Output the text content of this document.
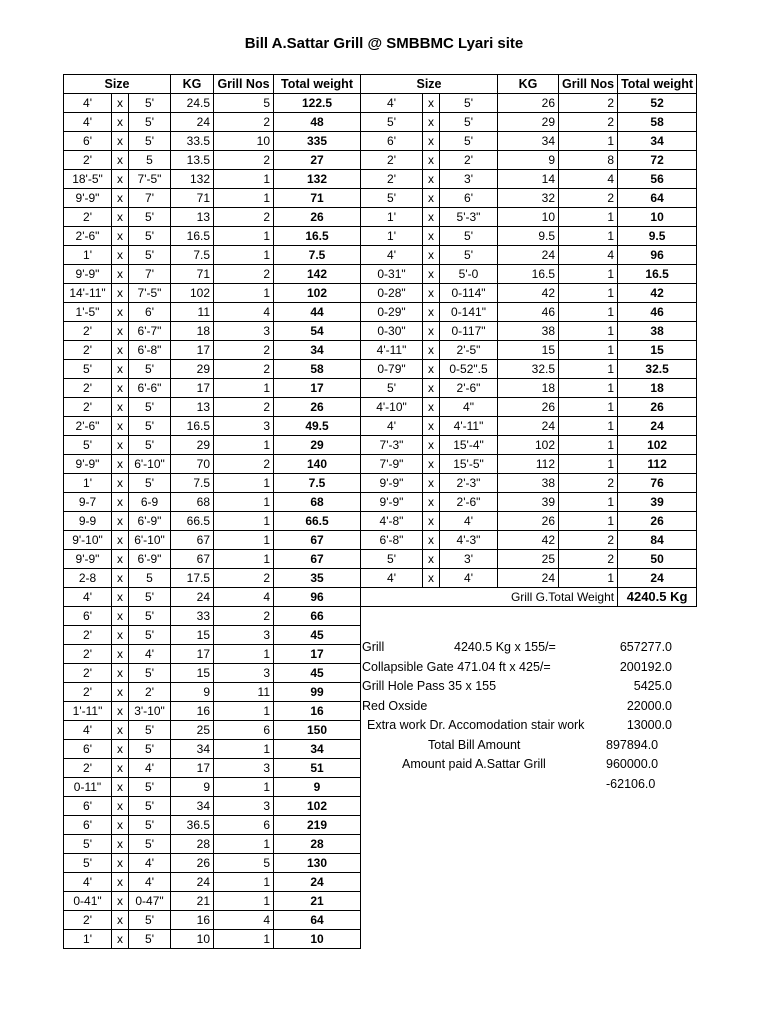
Bill A.Sattar Grill @ SMBBMC Lyari site
Size			KG	Grill Nos	Total weight
4'	x	5'	24.5	5	122.5
4'	x	5'	24	2	48
6'	x	5'	33.5	10	335
2'	x	5	13.5	2	27
18'-5"	x	7'-5"	132	1	132
9'-9"	x	7'	71	1	71
2'	x	5'	13	2	26
2'-6"	x	5'	16.5	1	16.5
1'	x	5'	7.5	1	7.5
9'-9"	x	7'	71	2	142
14'-11"	x	7'-5"	102	1	102
1'-5"	x	6'	11	4	44
2'	x	6'-7"	18	3	54
2'	x	6'-8"	17	2	34
5'	x	5'	29	2	58
2'	x	6'-6"	17	1	17
2'	x	5'	13	2	26
2'-6"	x	5'	16.5	3	49.5
5'	x	5'	29	1	29
9'-9"	x	6'-10"	70	2	140
1'	x	5'	7.5	1	7.5
9-7	x	6-9	68	1	68
9-9	x	6'-9"	66.5	1	66.5
9'-10"	x	6'-10"	67	1	67
9'-9"	x	6'-9"	67	1	67
2-8	x	5	17.5	2	35
4'	x	5'	24	4	96
6'	x	5'	33	2	66
2'	x	5'	15	3	45
2'	x	4'	17	1	17
2'	x	5'	15	3	45
2'	x	2'	9	11	99
1'-11"	x	3'-10"	16	1	16
4'	x	5'	25	6	150
6'	x	5'	34	1	34
2'	x	4'	17	3	51
0-11"	x	5'	9	1	9
6'	x	5'	34	3	102
6'	x	5'	36.5	6	219
5'	x	5'	28	1	28
5'	x	4'	26	5	130
4'	x	4'	24	1	24
0-41"	x	0-47"	21	1	21
2'	x	5'	16	4	64
1'	x	5'	10	1	10
Size			KG	Grill Nos	Total weight
4'	x	5'	26	2	52
5'	x	5'	29	2	58
6'	x	5'	34	1	34
2'	x	2'	9	8	72
2'	x	3'	14	4	56
5'	x	6'	32	2	64
1'	x	5'-3"	10	1	10
1'	x	5'	9.5	1	9.5
4'	x	5'	24	4	96
0-31"	x	5'-0	16.5	1	16.5
0-28"	x	0-114"	42	1	42
0-29"	x	0-141"	46	1	46
0-30"	x	0-117"	38	1	38
4'-11"	x	2'-5"	15	1	15
0-79"	x	0-52".5	32.5	1	32.5
5'	x	2'-6"	18	1	18
4'-10"	x	4"	26	1	26
4'	x	4'-11"	24	1	24
7'-3"	x	15'-4"	102	1	102
7'-9"	x	15'-5"	112	1	112
9'-9"	x	2'-3"	38	2	76
9'-9"	x	2'-6"	39	1	39
4'-8"	x	4'	26	1	26
6'-8"	x	4'-3"	42	2	84
5'	x	3'	25	2	50
4'	x	4'	24	1	24
Grill G.Total Weight					4240.5 Kg
Grill	4240.5 Kg x 155/=	657277.0
Collapsible Gate 471.04 ft x 425/=	200192.0
Grill Hole Pass 35 x 155	5425.0
Red Oxside	22000.0
Extra work Dr. Accomodation stair work	13000.0
Total Bill Amount	897894.0
Amount paid A.Sattar Grill	960000.0
-62106.0
